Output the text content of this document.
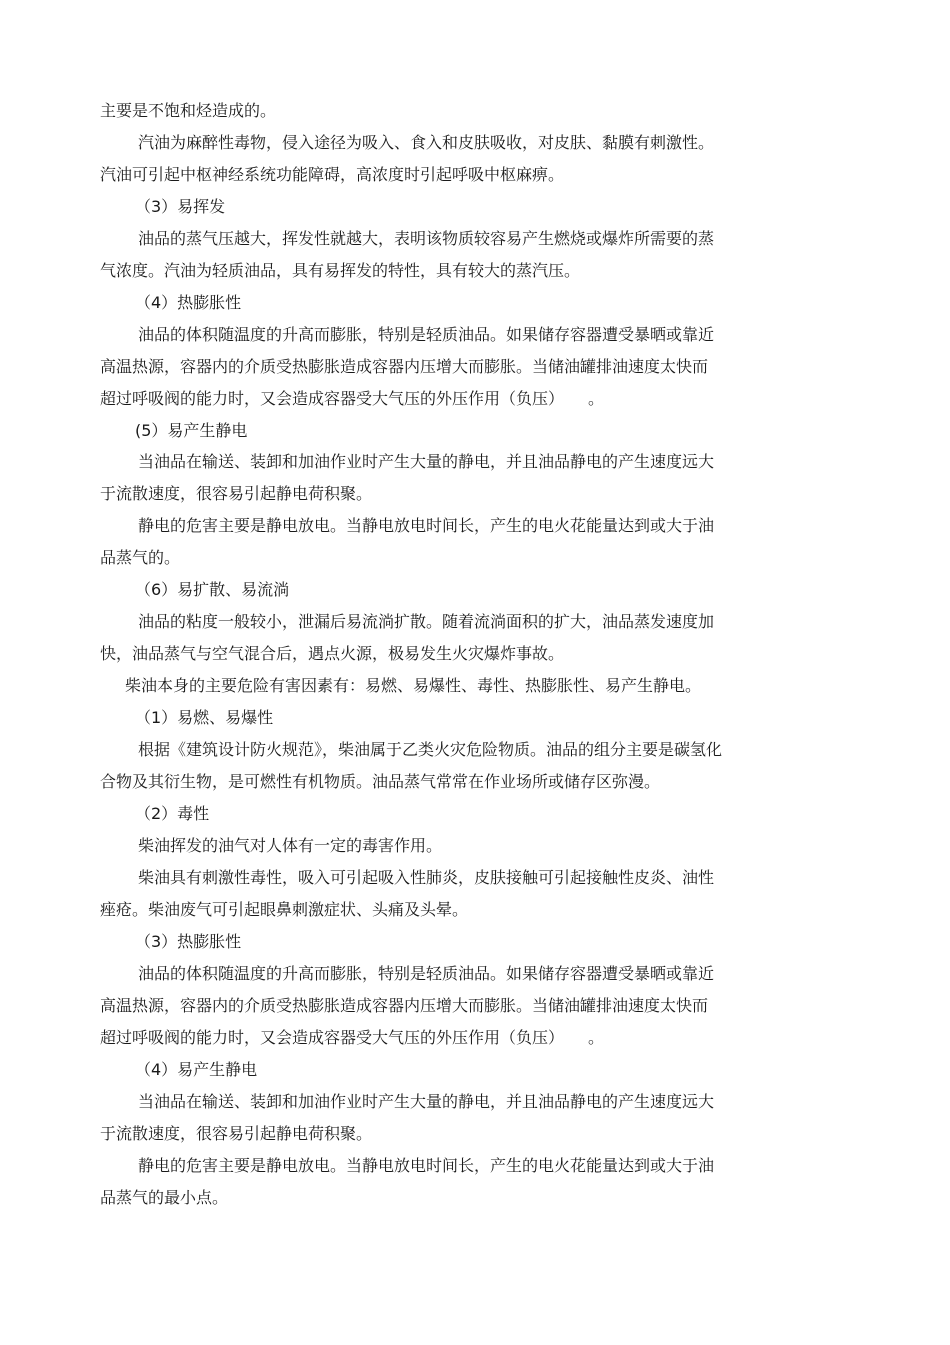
主要是不饱和烃造成的。
汽油为麻醉性毒物，侵入途径为吸入、食入和皮肤吸收，对皮肤、黏膜有刺激性。
汽油可引起中枢神经系统功能障碍，高浓度时引起呼吸中枢麻痹。
（3）易挥发
油品的蒸气压越大，挥发性就越大，表明该物质较容易产生燃烧或爆炸所需要的蒸
气浓度。汽油为轻质油品，具有易挥发的特性，具有较大的蒸汽压。
（4）热膨胀性
油品的体积随温度的升高而膨胀，特别是轻质油品。如果储存容器遭受暴晒或靠近
高温热源，容器内的介质受热膨胀造成容器内压增大而膨胀。当储油罐排油速度太快而
超过呼吸阀的能力时，又会造成容器受大气压的外压作用（负压）　　。
(5）易产生静电
当油品在输送、装卸和加油作业时产生大量的静电，并且油品静电的产生速度远大
于流散速度，很容易引起静电荷积聚。
静电的危害主要是静电放电。当静电放电时间长，产生的电火花能量达到或大于油
品蒸气的。
（6）易扩散、易流淌
油品的粘度一般较小，泄漏后易流淌扩散。随着流淌面积的扩大，油品蒸发速度加
快，油品蒸气与空气混合后，遇点火源，极易发生火灾爆炸事故。
柴油本身的主要危险有害因素有：易燃、易爆性、毒性、热膨胀性、易产生静电。
（1）易燃、易爆性
根据《建筑设计防火规范》，柴油属于乙类火灾危险物质。油品的组分主要是碳氢化
合物及其衍生物，是可燃性有机物质。油品蒸气常常在作业场所或储存区弥漫。
（2）毒性
柴油挥发的油气对人体有一定的毒害作用。
柴油具有刺激性毒性，吸入可引起吸入性肺炎，皮肤接触可引起接触性皮炎、油性
痤疮。柴油废气可引起眼鼻刺激症状、头痛及头晕。
（3）热膨胀性
油品的体积随温度的升高而膨胀，特别是轻质油品。如果储存容器遭受暴晒或靠近
高温热源，容器内的介质受热膨胀造成容器内压增大而膨胀。当储油罐排油速度太快而
超过呼吸阀的能力时，又会造成容器受大气压的外压作用（负压）　　。
（4）易产生静电
当油品在输送、装卸和加油作业时产生大量的静电，并且油品静电的产生速度远大
于流散速度，很容易引起静电荷积聚。
静电的危害主要是静电放电。当静电放电时间长，产生的电火花能量达到或大于油
品蒸气的最小点。
